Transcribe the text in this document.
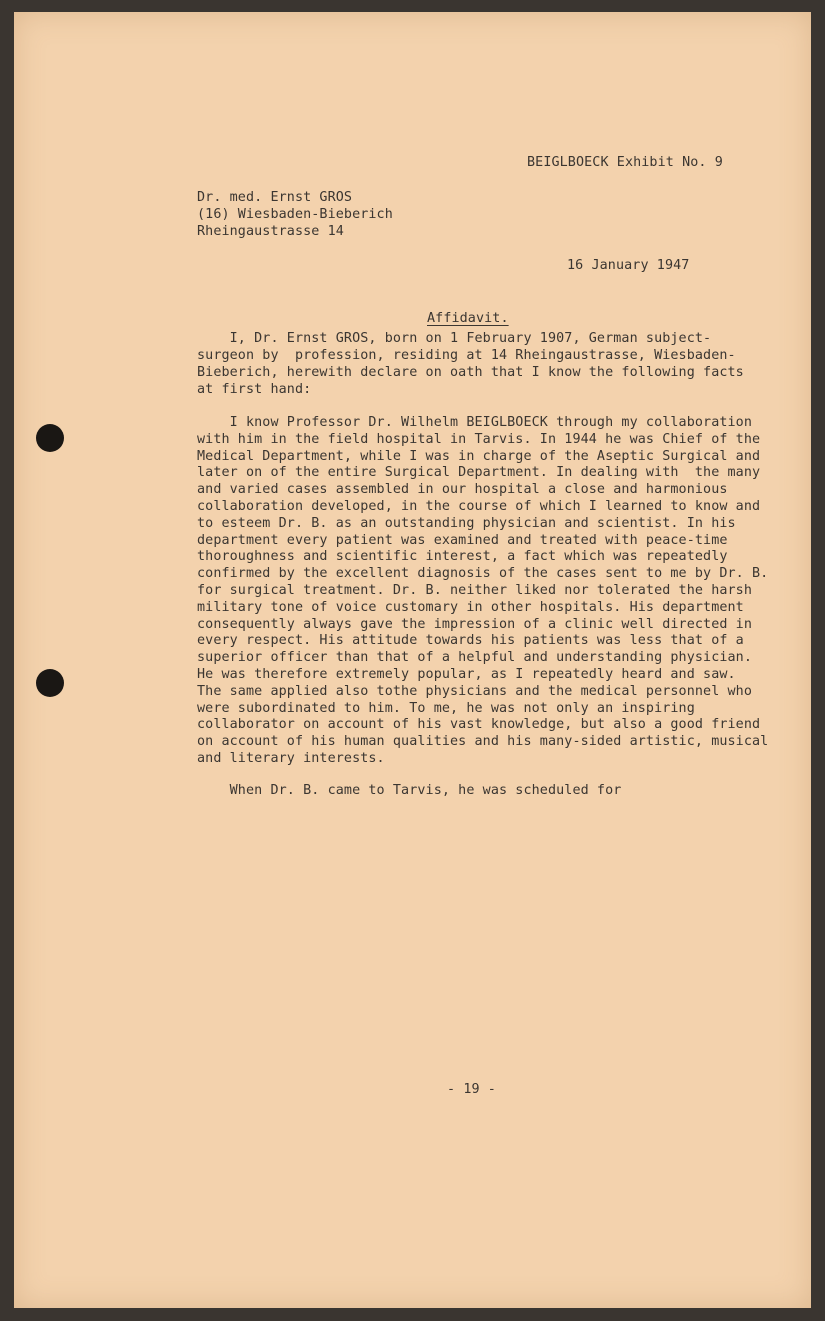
BEIGLBOECK Exhibit No. 9
Dr. med. Ernst GROS
(16) Wiesbaden-Bieberich
Rheingaustrasse 14
16 January 1947
Affidavit.

I, Dr. Ernst GROS, born on 1 February 1907, German subject-

surgeon by  profession, residing at 14 Rheingaustrasse, Wiesbaden-

Bieberich, herewith declare on oath that I know the following facts

at first hand:

I know Professor Dr. Wilhelm BEIGLBOECK through my collaboration

with him in the field hospital in Tarvis. In 1944 he was Chief of the

Medical Department, while I was in charge of the Aseptic Surgical and

later on of the entire Surgical Department. In dealing with  the many

and varied cases assembled in our hospital a close and harmonious

collaboration developed, in the course of which I learned to know and

to esteem Dr. B. as an outstanding physician and scientist. In his

department every patient was examined and treated with peace-time

thoroughness and scientific interest, a fact which was repeatedly

confirmed by the excellent diagnosis of the cases sent to me by Dr. B.

for surgical treatment. Dr. B. neither liked nor tolerated the harsh

military tone of voice customary in other hospitals. His department

consequently always gave the impression of a clinic well directed in

every respect. His attitude towards his patients was less that of a

superior officer than that of a helpful and understanding physician.

He was therefore extremely popular, as I repeatedly heard and saw.

The same applied also tothe physicians and the medical personnel who

were subordinated to him. To me, he was not only an inspiring

collaborator on account of his vast knowledge, but also a good friend

on account of his human qualities and his many-sided artistic, musical

and literary interests.

When Dr. B. came to Tarvis, he was scheduled for
- 19 -
